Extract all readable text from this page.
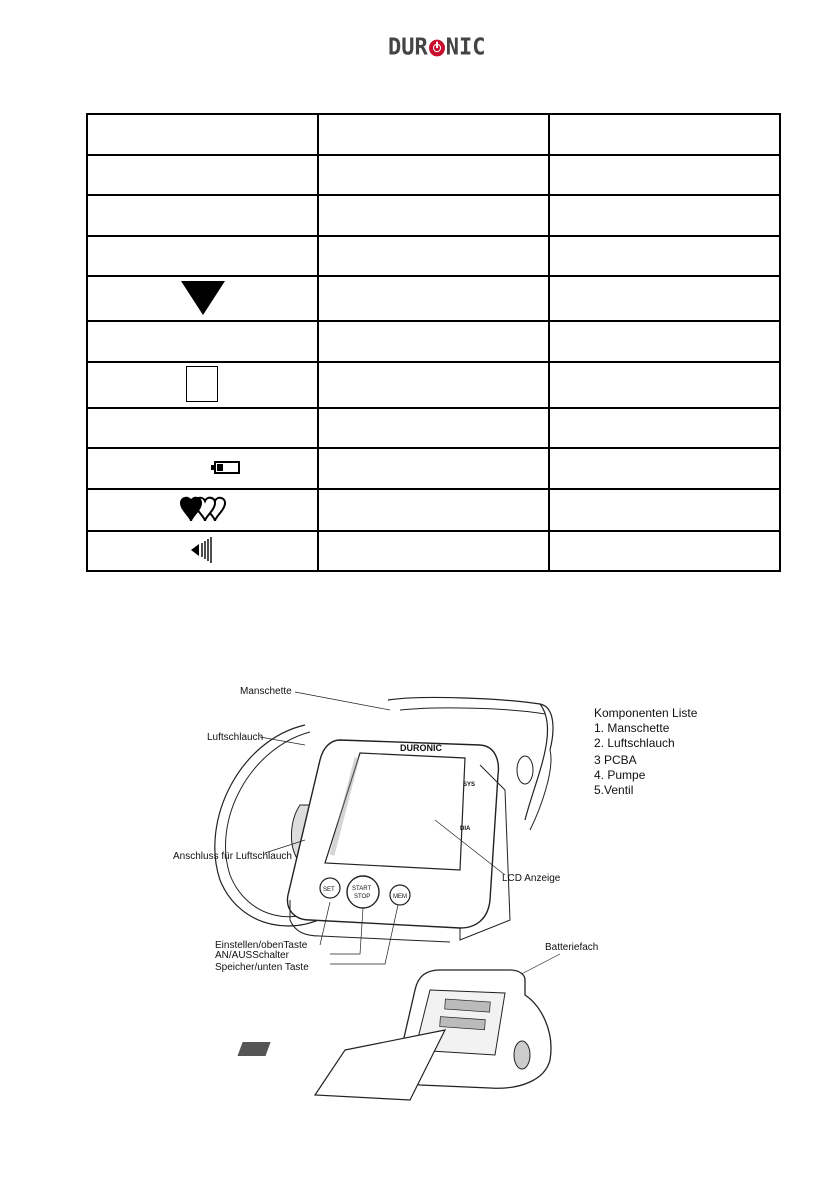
DUR NIC

DURONIC
SYS
DIA
SET	START
STOP	MEM
Manschette
Luftschlauch
Anschluss für Luftschlauch
LCD Anzeige
Einstellen/obenTaste
AN/AUSSchalter
Speicher/unten Taste
Batteriefach
Komponenten Liste
1. Manschette
2. Luftschlauch
3 PCBA
4. Pumpe
5.Ventil
